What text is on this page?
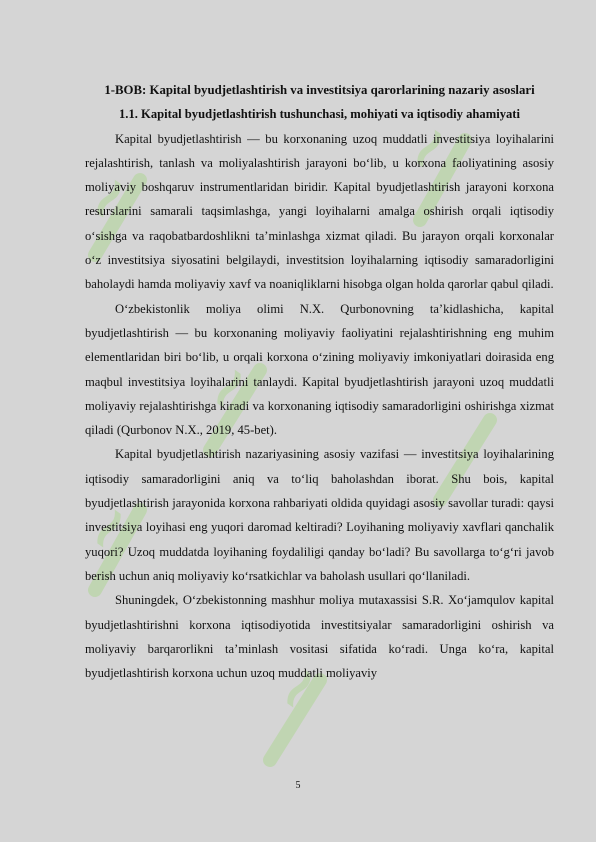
~
~
~
~
~
1-BOB: Kapital byudjetlashtirish va investitsiya qarorlarining nazariy asoslari
1.1. Kapital byudjetlashtirish tushunchasi, mohiyati va iqtisodiy ahamiyati

Kapital byudjetlashtirish — bu korxonaning uzoq muddatli investitsiya loyihalarini rejalashtirish, tanlash va moliyalashtirish jarayoni bo‘lib, u korxona faoliyatining asosiy moliyaviy boshqaruv instrumentlaridan biridir. Kapital byudjetlashtirish jarayoni korxona resurslarini samarali taqsimlashga, yangi loyihalarni amalga oshirish orqali iqtisodiy o‘sishga va raqobatbardoshlikni ta’minlashga xizmat qiladi. Bu jarayon orqali korxonalar o‘z investitsiya siyosatini belgilaydi, investitsion loyihalarning iqtisodiy samaradorligini baholaydi hamda moliyaviy xavf va noaniqliklarni hisobga olgan holda qarorlar qabul qiladi.

O‘zbekistonlik moliya olimi N.X. Qurbonovning ta’kidlashicha, kapital byudjetlashtirish — bu korxonaning moliyaviy faoliyatini rejalashtirishning eng muhim elementlaridan biri bo‘lib, u orqali korxona o‘zining moliyaviy imkoniyatlari doirasida eng maqbul investitsiya loyihalarini tanlaydi. Kapital byudjetlashtirish jarayoni uzoq muddatli moliyaviy rejalashtirishga kiradi va korxonaning iqtisodiy samaradorligini oshirishga xizmat qiladi (Qurbonov N.X., 2019, 45-bet).

Kapital byudjetlashtirish nazariyasining asosiy vazifasi — investitsiya loyihalarining iqtisodiy samaradorligini aniq va to‘liq baholashdan iborat. Shu bois, kapital byudjetlashtirish jarayonida korxona rahbariyati oldida quyidagi asosiy savollar turadi: qaysi investitsiya loyihasi eng yuqori daromad keltiradi? Loyihaning moliyaviy xavflari qanchalik yuqori? Uzoq muddatda loyihaning foydaliligi qanday bo‘ladi? Bu savollarga to‘g‘ri javob berish uchun aniq moliyaviy ko‘rsatkichlar va baholash usullari qo‘llaniladi.

Shuningdek, O‘zbekistonning mashhur moliya mutaxassisi S.R. Xo‘jamqulov kapital byudjetlashtirishni korxona iqtisodiyotida investitsiyalar samaradorligini oshirish va moliyaviy barqarorlikni ta’minlash vositasi sifatida ko‘radi. Unga ko‘ra, kapital byudjetlashtirish korxona uchun uzoq muddatli moliyaviy

5
